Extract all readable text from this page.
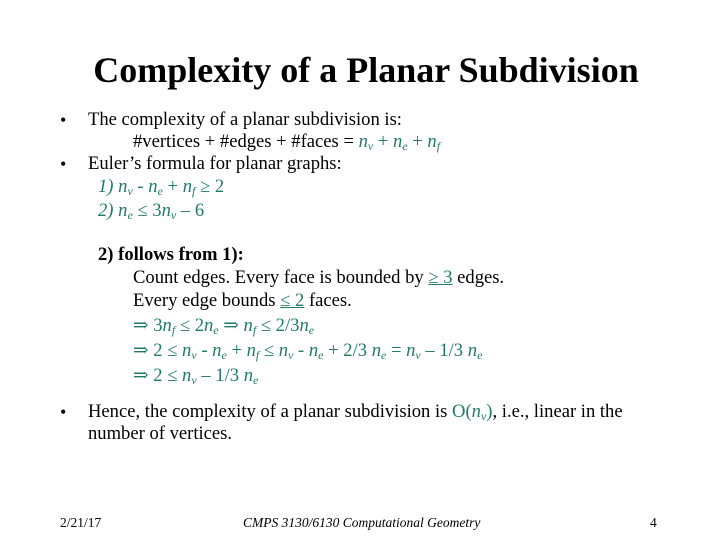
Complexity of a Planar Subdivision
• The complexity of a planar subdivision is:
#vertices + #edges + #faces = $n_v + n_e + n_f$
• Euler’s formula for planar graphs:
1) $n_v - n_e + n_f \ge 2$
2) $n_e \le 3n_v - 6$
2) follows from 1):
Count edges. Every face is bounded by ≥ 3 edges.
Every edge bounds ≤ 2 faces.
⇒ $3n_f \le 2n_e$ ⇒ $n_f \le 2/3n_e$
⇒ $2 \le n_v - n_e + n_f \le n_v - n_e + 2/3$ $n_e = n_v - 1/3$ $n_e$
⇒ $2 \le n_v - 1/3$ $n_e$
• Hence, the complexity of a planar subdivision is $O(n_v)$, i.e., linear in the
number of vertices.
2/21/17	CMPS 3130/6130 Computational Geometry	4
